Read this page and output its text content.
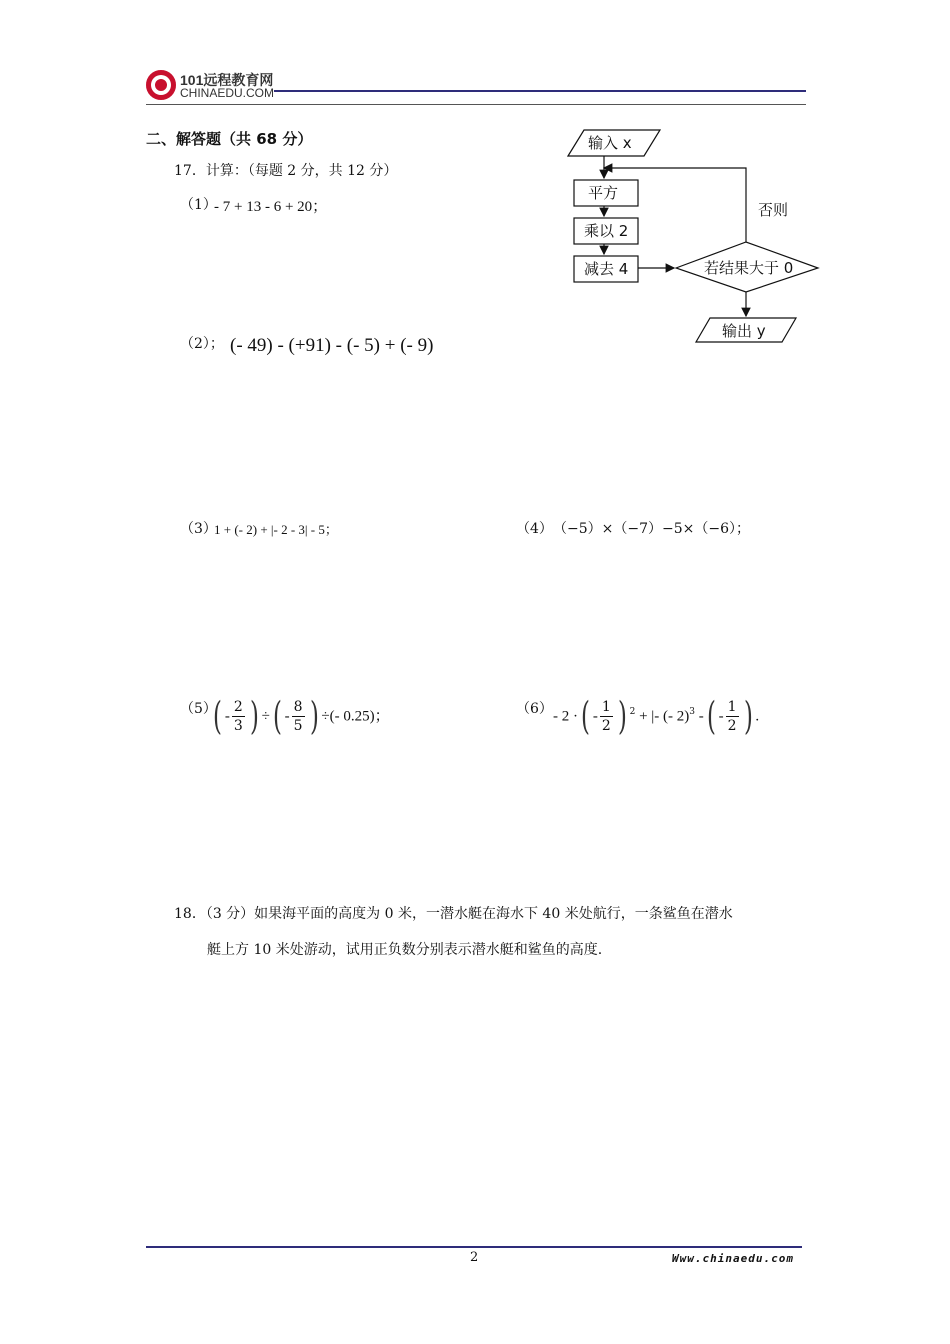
101远程教育网
CHINAEDU.COM
二、解答题（共 68 分）
17．计算：（每题 2 分，共 12 分）
（1）
- 7 + 13 - 6 + 20；
（2）； (- 49) - (+91) - (- 5) + (- 9)
（3）
1 + (- 2) + |- 2 - 3| - 5；	（4） （−5）×（−7）−5×（−6）；
（5）
( - $\frac{2}{3}$ ) ÷( - $\frac{8}{5}$ ) ÷(- 0.25)；	（6） - 2 ·( - $\frac{1}{2}$ ) $^2$ + |- (- 2)$^3$ -( - $\frac{1}{2}$ ) .
输入 x
平方
乘以 2
减去 4	若结果大于 0
否则
输出 y
18．（3 分）如果海平面的高度为 0 米，一潜水艇在海水下 40 米处航行，一条鲨鱼在潜水
艇上方 10 米处游动，试用正负数分别表示潜水艇和鲨鱼的高度.
2	Www.chinaedu.com
